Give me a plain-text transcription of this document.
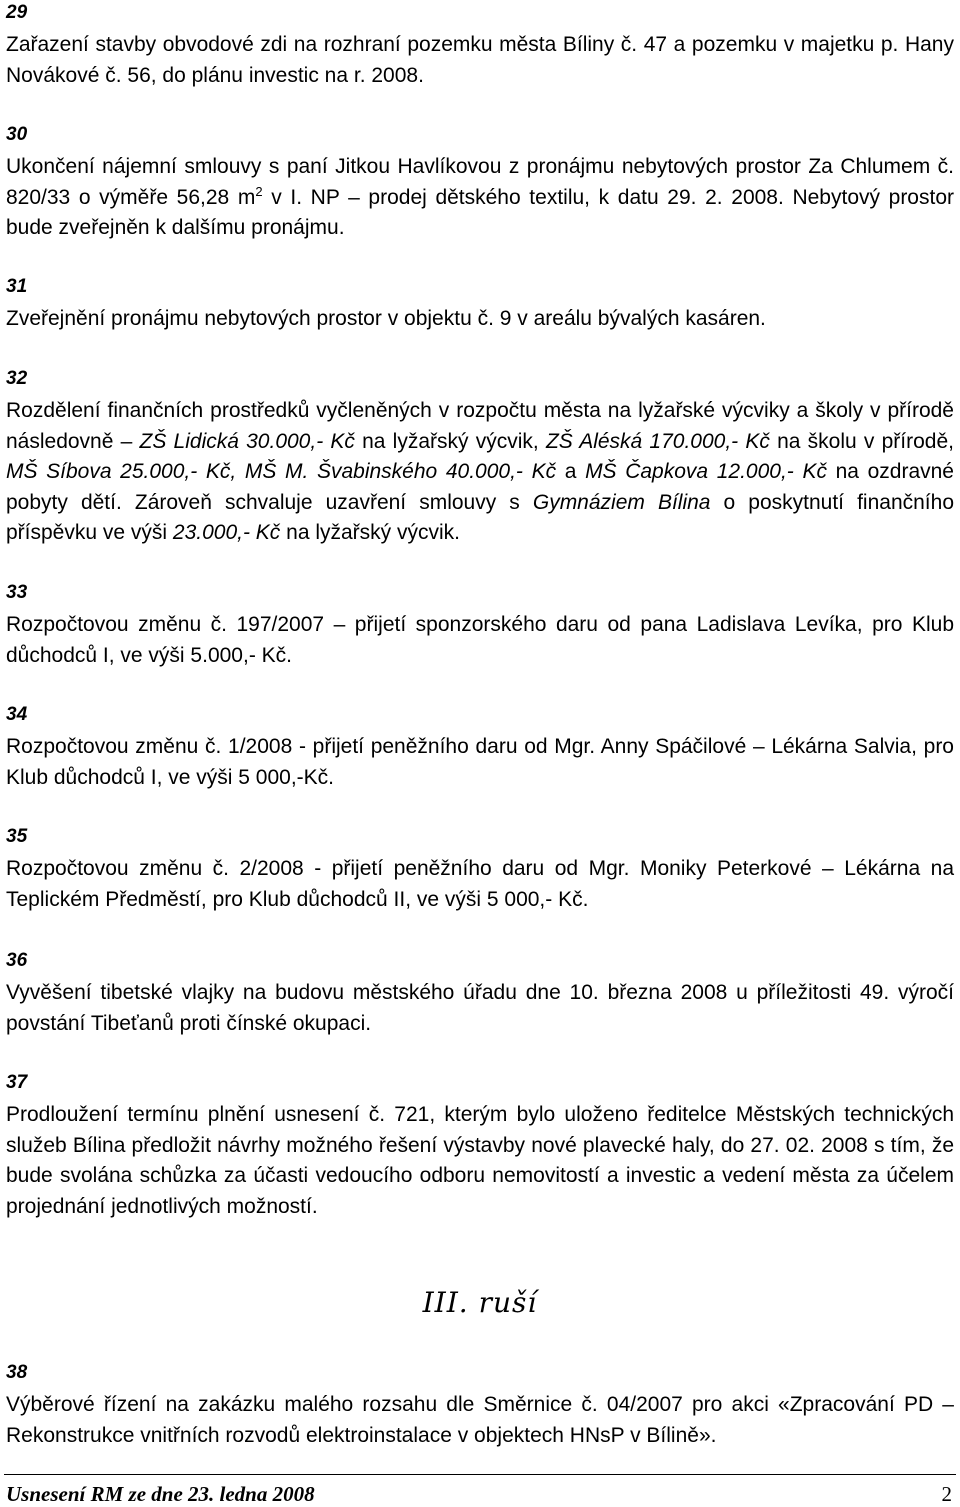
29

Zařazení stavby obvodové zdi na rozhraní pozemku města Bíliny č. 47 a pozemku v majetku p. Hany Novákové č. 56, do plánu investic na r. 2008.

30

Ukončení nájemní smlouvy s paní Jitkou Havlíkovou z pronájmu nebytových prostor Za Chlumem č. 820/33 o výměře 56,28 $m^2$ v I. NP – prodej dětského textilu, k datu 29. 2. 2008. Nebytový prostor bude zveřejněn k dalšímu pronájmu.

31

Zveřejnění pronájmu nebytových prostor v objektu č. 9 v areálu bývalých kasáren.

32

Rozdělení finančních prostředků vyčleněných v rozpočtu města na lyžařské výcviky a školy v přírodě následovně – ZŠ Lidická 30.000,- Kč na lyžařský výcvik, ZŠ Aléská 170.000,- Kč na školu v přírodě, MŠ Síbova 25.000,- Kč, MŠ M. Švabinského 40.000,- Kč a MŠ Čapkova 12.000,- Kč na ozdravné pobyty dětí. Zároveň schvaluje uzavření smlouvy s Gymnáziem Bílina o poskytnutí finančního příspěvku ve výši 23.000,- Kč na lyžařský výcvik.

33

Rozpočtovou změnu č. 197/2007 – přijetí sponzorského daru od pana Ladislava Levíka, pro Klub důchodců I, ve výši 5.000,- Kč.

34

Rozpočtovou změnu č. 1/2008 - přijetí peněžního daru od Mgr. Anny Spáčilové – Lékárna Salvia, pro Klub důchodců I, ve výši 5 000,-Kč.

35

Rozpočtovou změnu č. 2/2008 - přijetí peněžního daru od Mgr. Moniky Peterkové – Lékárna na Teplickém Předměstí, pro Klub důchodců II, ve výši 5 000,- Kč.

36

Vyvěšení tibetské vlajky na budovu městského úřadu dne 10. března 2008 u příležitosti 49. výročí povstání Tibeťanů proti čínské okupaci.

37

Prodloužení termínu plnění usnesení č. 721, kterým bylo uloženo ředitelce Městských technických služeb Bílina předložit návrhy možného řešení výstavby nové plavecké haly, do 27. 02. 2008 s tím, že bude svolána schůzka za účasti vedoucího odboru nemovitostí a investic a vedení města za účelem projednání jednotlivých možností.

III. ruší
38

Výběrové řízení na zakázku malého rozsahu dle Směrnice č. 04/2007 pro akci «Zpracování PD – Rekonstrukce vnitřních rozvodů elektroinstalace v objektech HNsP v Bílině».

Usnesení RM ze dne 23. ledna 2008	2
